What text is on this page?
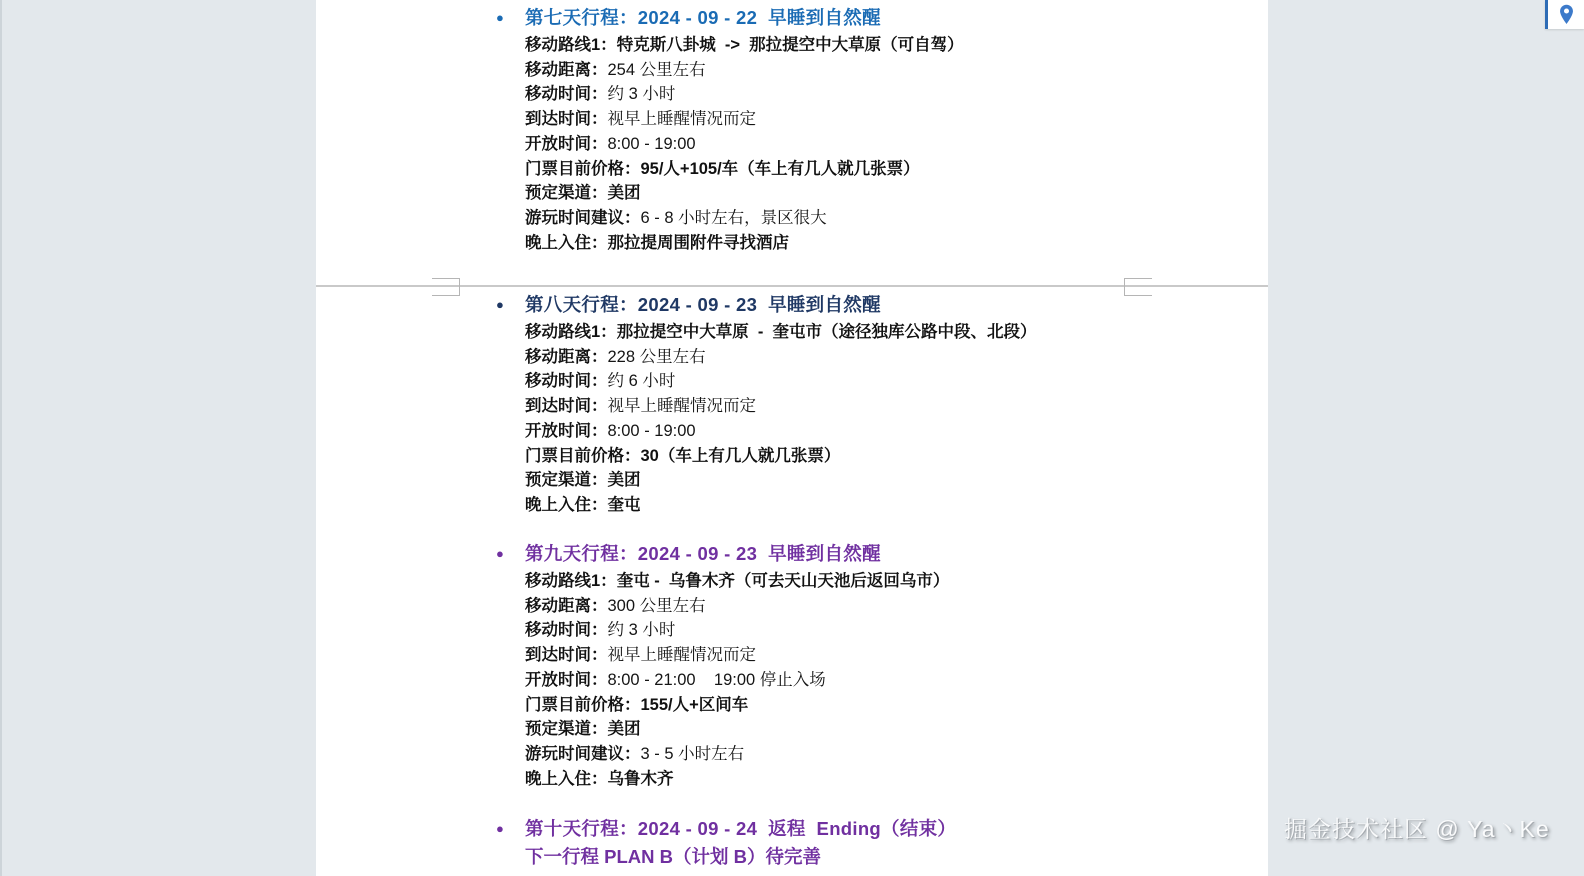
● 第七天行程：2024 - 09 - 22  早睡到自然醒
移动路线1：特克斯八卦城  ->  那拉提空中大草原（可自驾）
移动距离：254 公里左右
移动时间：约 3 小时
到达时间：视早上睡醒情况而定
开放时间：8:00 - 19:00
门票目前价格：95/人+105/车（车上有几人就几张票）
预定渠道：美团
游玩时间建议：6 - 8 小时左右，景区很大
晚上入住：那拉提周围附件寻找酒店
● 第八天行程：2024 - 09 - 23  早睡到自然醒
移动路线1：那拉提空中大草原  -  奎屯市（途径独库公路中段、北段）
移动距离：228 公里左右
移动时间：约 6 小时
到达时间：视早上睡醒情况而定
开放时间：8:00 - 19:00
门票目前价格：30（车上有几人就几张票）
预定渠道：美团
晚上入住：奎屯
● 第九天行程：2024 - 09 - 23  早睡到自然醒
移动路线1：奎屯 -  乌鲁木齐（可去天山天池后返回乌市）
移动距离：300 公里左右
移动时间：约 3 小时
到达时间：视早上睡醒情况而定
开放时间：8:00 - 21:00    19:00 停止入场
门票目前价格：155/人+区间车
预定渠道：美团
游玩时间建议：3 - 5 小时左右
晚上入住：乌鲁木齐
● 第十天行程：2024 - 09 - 24  返程  Ending（结束）
下一行程 PLAN B（计划 B）待完善
掘金技术社区 @ Ya丶Ke
